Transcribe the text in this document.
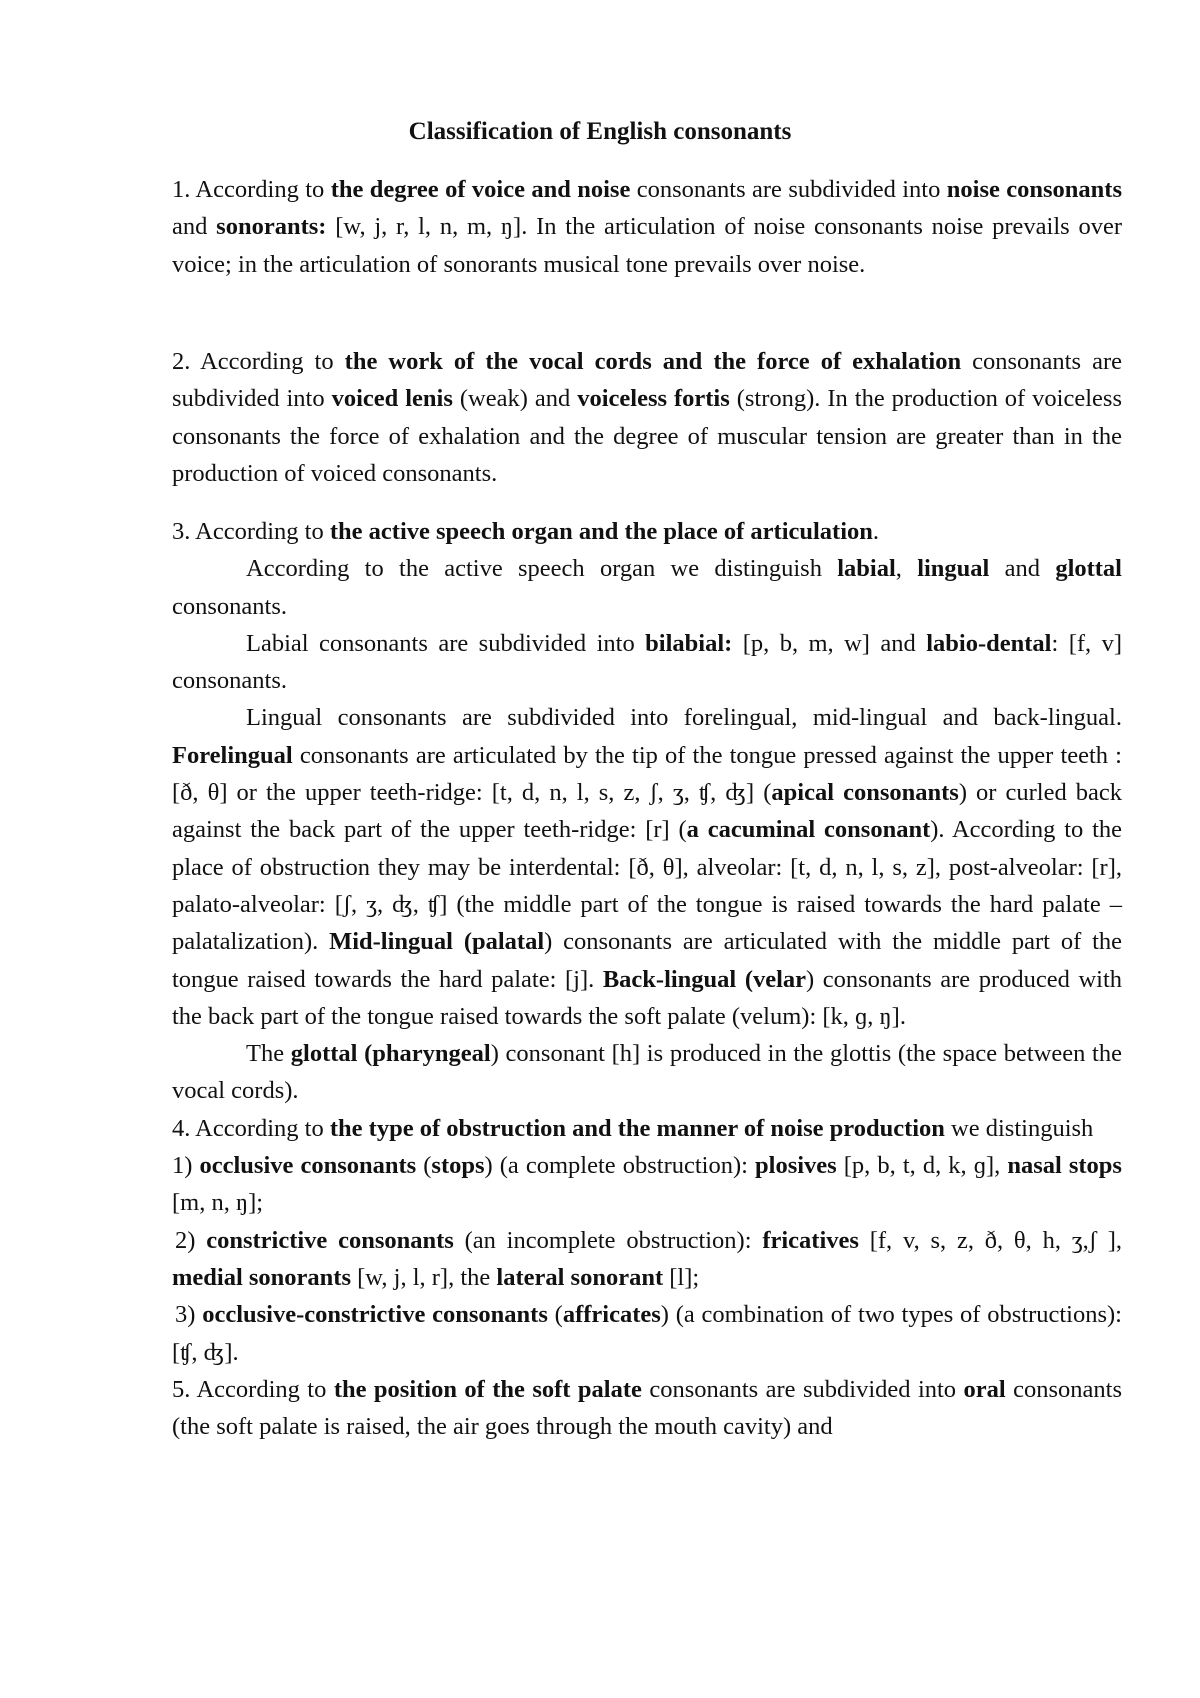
Classification of English consonants

1. According to the degree of voice and noise consonants are subdivided into noise consonants and sonorants: [w, j, r, l, n, m, ŋ]. In the articulation of noise consonants noise prevails over voice; in the articulation of sonorants musical tone prevails over noise.

2. According to the work of the vocal cords and the force of exhalation consonants are subdivided into voiced lenis (weak) and voiceless fortis (strong). In the production of voiceless consonants the force of exhalation and the degree of muscular tension are greater than in the production of voiced consonants.

3. According to the active speech organ and the place of articulation.

According to the active speech organ we distinguish labial, lingual and glottal consonants.

Labial consonants are subdivided into bilabial: [p, b, m, w] and labio-dental: [f, v] consonants.

Lingual consonants are subdivided into forelingual, mid-lingual and back-lingual. Forelingual consonants are articulated by the tip of the tongue pressed against the upper teeth :[ð, θ] or the upper teeth-ridge: [t, d, n, l, s, z, ʃ, ʒ, ʧ, ʤ] (apical consonants) or curled back against the back part of the upper teeth-ridge: [r] (a cacuminal consonant). According to the place of obstruction they may be interdental: [ð, θ], alveolar: [t, d, n, l, s, z], post-alveolar: [r], palato-alveolar: [ʃ, ʒ, ʤ, ʧ] (the middle part of the tongue is raised towards the hard palate – palatalization). Mid-lingual (palatal) consonants are articulated with the middle part of the tongue raised towards the hard palate: [j]. Back-lingual (velar) consonants are produced with the back part of the tongue raised towards the soft palate (velum): [k, ɡ, ŋ].

The glottal (pharyngeal) consonant [h] is produced in the glottis (the space between the vocal cords).

4. According to the type of obstruction and the manner of noise production we distinguish

1) occlusive consonants (stops) (a complete obstruction): plosives [p, b, t, d, k, ɡ], nasal stops [m, n, ŋ];

2) constrictive consonants (an incomplete obstruction): fricatives [f, v, s, z, ð, θ, h, ʒ,ʃ ], medial sonorants [w, j, l, r], the lateral sonorant [l];

3) occlusive-constrictive consonants (affricates) (a combination of two types of obstructions): [ʧ, ʤ].

5. According to the position of the soft palate consonants are subdivided into oral consonants (the soft palate is raised, the air goes through the mouth cavity) and
